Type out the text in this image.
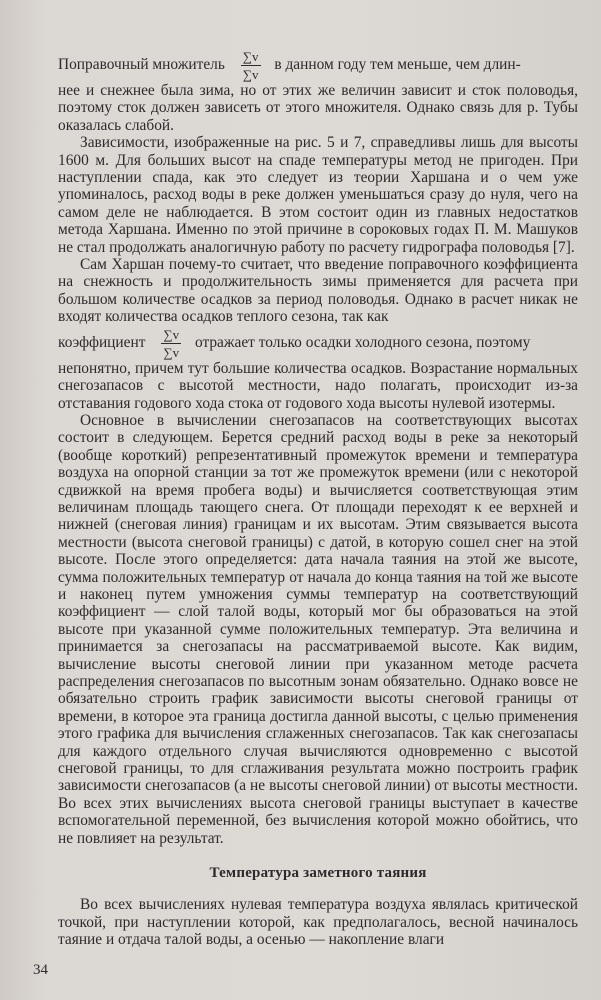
Поправочный множитель $\frac{\sum v}{\sum v}$ в данном году тем меньше, чем длин-

нее и снежнее была зима, но от этих же величин зависит и сток половодья, поэтому сток должен зависеть от этого множителя. Однако связь для р. Тубы оказалась слабой.

Зависимости, изображенные на рис. 5 и 7, справедливы лишь для высоты 1600 м. Для больших высот на спаде температуры метод не пригоден. При наступлении спада, как это следует из теории Харшана и о чем уже упоминалось, расход воды в реке должен уменьшаться сразу до нуля, чего на самом деле не наблюдается. В этом состоит один из главных недостатков метода Харшана. Именно по этой причине в сороковых годах П. М. Машуков не стал продолжать аналогичную работу по расчету гидрографа половодья [7].

Сам Харшан почему-то считает, что введение поправочного коэффициента на снежность и продолжительность зимы применяется для расчета при большом количестве осадков за период половодья. Однако в расчет никак не входят количества осадков теплого сезона, так как

коэффициент $\frac{\sum v}{\sum v}$ отражает только осадки холодного сезона, поэтому

непонятно, причем тут большие количества осадков. Возрастание нормальных снегозапасов с высотой местности, надо полагать, происходит из-за отставания годового хода стока от годового хода высоты нулевой изотермы.

Основное в вычислении снегозапасов на соответствующих высотах состоит в следующем. Берется средний расход воды в реке за некоторый (вообще короткий) репрезентативный промежуток времени и температура воздуха на опорной станции за тот же промежуток времени (или с некоторой сдвижкой на время пробега воды) и вычисляется соответствующая этим величинам площадь тающего снега. От площади переходят к ее верхней и нижней (снеговая линия) границам и их высотам. Этим связывается высота местности (высота снеговой границы) с датой, в которую сошел снег на этой высоте. После этого определяется: дата начала таяния на этой же высоте, сумма положительных температур от начала до конца таяния на той же высоте и наконец путем умножения суммы температур на соответствующий коэффициент — слой талой воды, который мог бы образоваться на этой высоте при указанной сумме положительных температур. Эта величина и принимается за снегозапасы на рассматриваемой высоте. Как видим, вычисление высоты снеговой линии при указанном методе расчета распределения снегозапасов по высотным зонам обязательно. Однако вовсе не обязательно строить график зависимости высоты снеговой границы от времени, в которое эта граница достигла данной высоты, с целью применения этого графика для вычисления сглаженных снегозапасов. Так как снегозапасы для каждого отдельного случая вычисляются одновременно с высотой снеговой границы, то для сглаживания результата можно построить график зависимости снегозапасов (а не высоты снеговой линии) от высоты местности. Во всех этих вычислениях высота снеговой границы выступает в качестве вспомогательной переменной, без вычисления которой можно обойтись, что не повлияет на результат.

Температура заметного таяния

Во всех вычислениях нулевая температура воздуха являлась критической точкой, при наступлении которой, как предполагалось, весной начиналось таяние и отдача талой воды, а осенью — накопление влаги

34
